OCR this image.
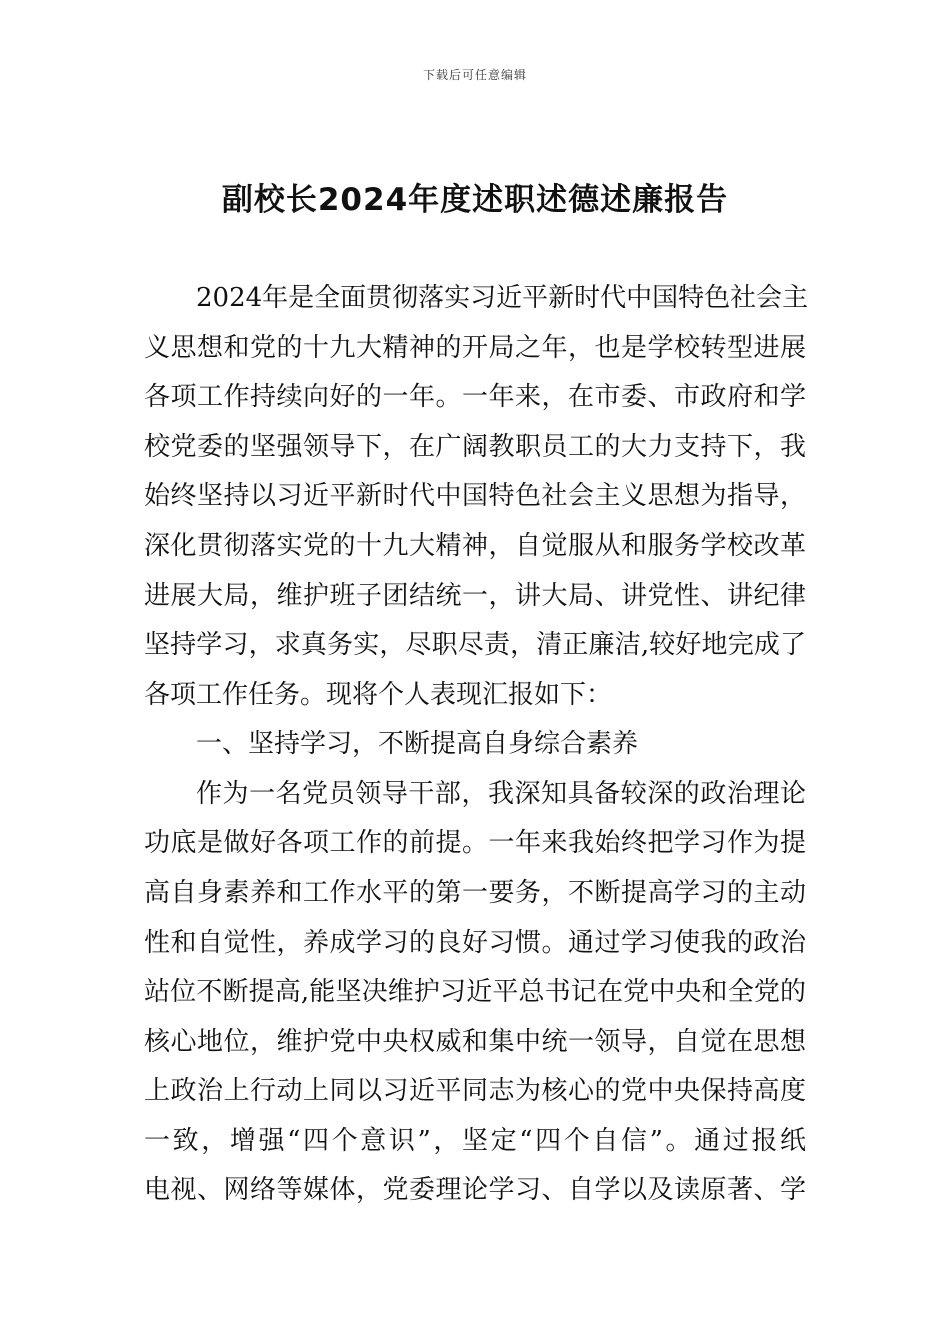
下载后可任意编辑
副校长2024年度述职述德述廉报告
2024年是全面贯彻落实习近平新时代中国特色社会主
义思想和党的十九大精神的开局之年，也是学校转型进展
各项工作持续向好的一年。一年来，在市委、市政府和学
校党委的坚强领导下，在广阔教职员工的大力支持下，我
始终坚持以习近平新时代中国特色社会主义思想为指导，
深化贯彻落实党的十九大精神，自觉服从和服务学校改革
进展大局，维护班子团结统一，讲大局、讲党性、讲纪律
坚持学习，求真务实，尽职尽责，清正廉洁,较好地完成了
各项工作任务。现将个人表现汇报如下：
一、坚持学习，不断提高自身综合素养
作为一名党员领导干部，我深知具备较深的政治理论
功底是做好各项工作的前提。一年来我始终把学习作为提
高自身素养和工作水平的第一要务，不断提高学习的主动
性和自觉性，养成学习的良好习惯。通过学习使我的政治
站位不断提高,能坚决维护习近平总书记在党中央和全党的
核心地位，维护党中央权威和集中统一领导，自觉在思想
上政治上行动上同以习近平同志为核心的党中央保持高度
一致，增强“四个意识”，坚定“四个自信”。通过报纸
电视、网络等媒体，党委理论学习、自学以及读原著、学
